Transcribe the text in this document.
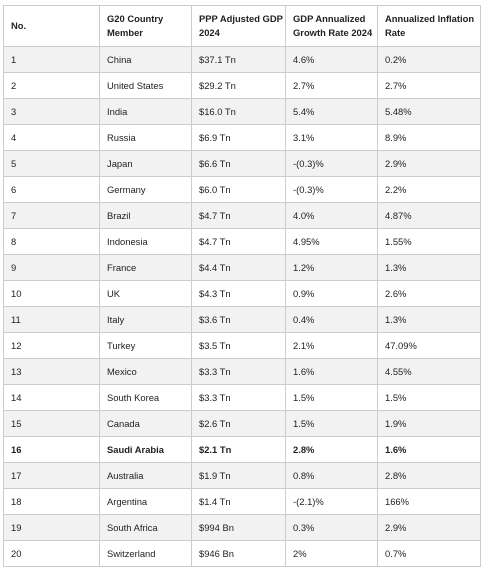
No.	G20 Country Member	PPP Adjusted GDP 2024	GDP Annualized Growth Rate 2024	Annualized Inflation Rate
1	China	$37.1 Tn	4.6%	0.2%
2	United States	$29.2 Tn	2.7%	2.7%
3	India	$16.0 Tn	5.4%	5.48%
4	Russia	$6.9 Tn	3.1%	8.9%
5	Japan	$6.6 Tn	-(0.3)%	2.9%
6	Germany	$6.0 Tn	-(0.3)%	2.2%
7	Brazil	$4.7 Tn	4.0%	4.87%
8	Indonesia	$4.7 Tn	4.95%	1.55%
9	France	$4.4 Tn	1.2%	1.3%
10	UK	$4.3 Tn	0.9%	2.6%
11	Italy	$3.6 Tn	0.4%	1.3%
12	Turkey	$3.5 Tn	2.1%	47.09%
13	Mexico	$3.3 Tn	1.6%	4.55%
14	South Korea	$3.3 Tn	1.5%	1.5%
15	Canada	$2.6 Tn	1.5%	1.9%
16	Saudi Arabia	$2.1 Tn	2.8%	1.6%
17	Australia	$1.9 Tn	0.8%	2.8%
18	Argentina	$1.4 Tn	-(2.1)%	166%
19	South Africa	$994 Bn	0.3%	2.9%
20	Switzerland	$946 Bn	2%	0.7%
